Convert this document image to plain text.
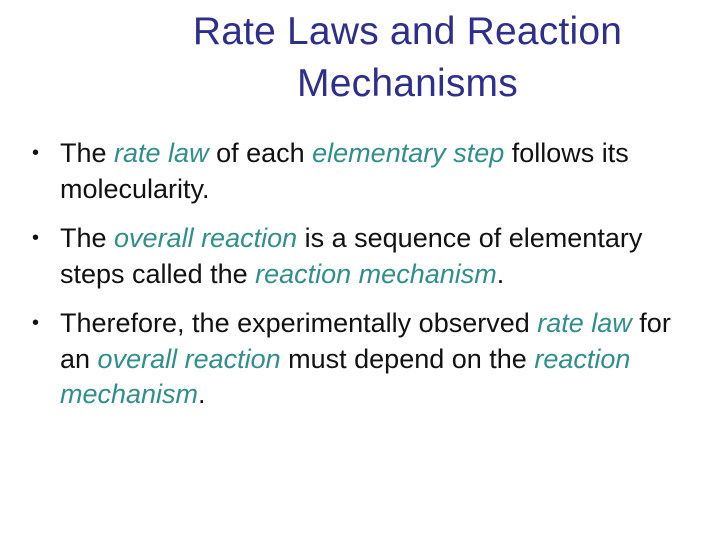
Rate Laws and Reaction
Mechanisms
• The rate law of each elementary step follows its molecularity.
• The overall reaction is a sequence of elementary steps called the reaction mechanism.
• Therefore, the experimentally observed rate law for an overall reaction must depend on the reaction mechanism.
